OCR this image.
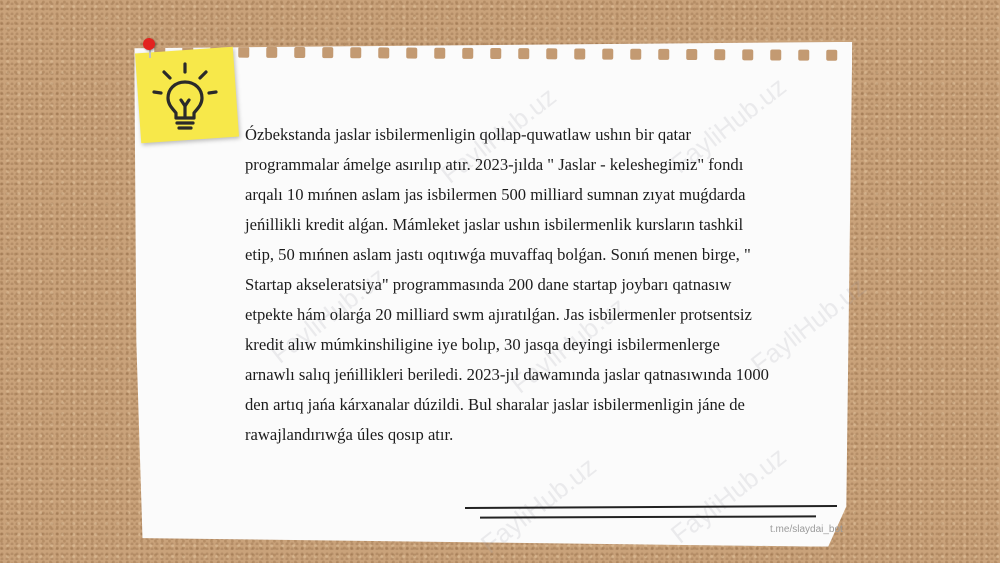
Ózbekstanda jaslar isbilermenligin qollap-quwatlaw ushın bir qatar
programmalar ámelge asırılıp atır. 2023-jılda " Jaslar - keleshegimiz" fondı
arqalı 10 mıńnen aslam jas isbilermen 500 milliard sumnan zıyat muǵdarda
jeńillikli kredit alǵan. Mámleket jaslar ushın isbilermenlik kursların tashkil
etip, 50 mıńnen aslam jastı oqıtıwǵa muvaffaq bolǵan. Sonıń menen birge, "
Startap akseleratsiya" programmasında 200 dane startap joybarı qatnasıw
etpekte hám olarǵa 20 milliard swm ajıratılǵan. Jas isbilermenler protsentsiz
kredit alıw múmkinshiligine iye bolıp, 30 jasqa deyingi isbilermenlerge
arnawlı salıq jeńillikleri beriledi. 2023-jıl dawamında jaslar qatnasıwında 1000
den artıq jańa kárxanalar dúzildi. Bul sharalar jaslar isbilermenligin jáne de
rawajlandırıwǵa úles qosıp atır.
t.me/slaydai_bot
